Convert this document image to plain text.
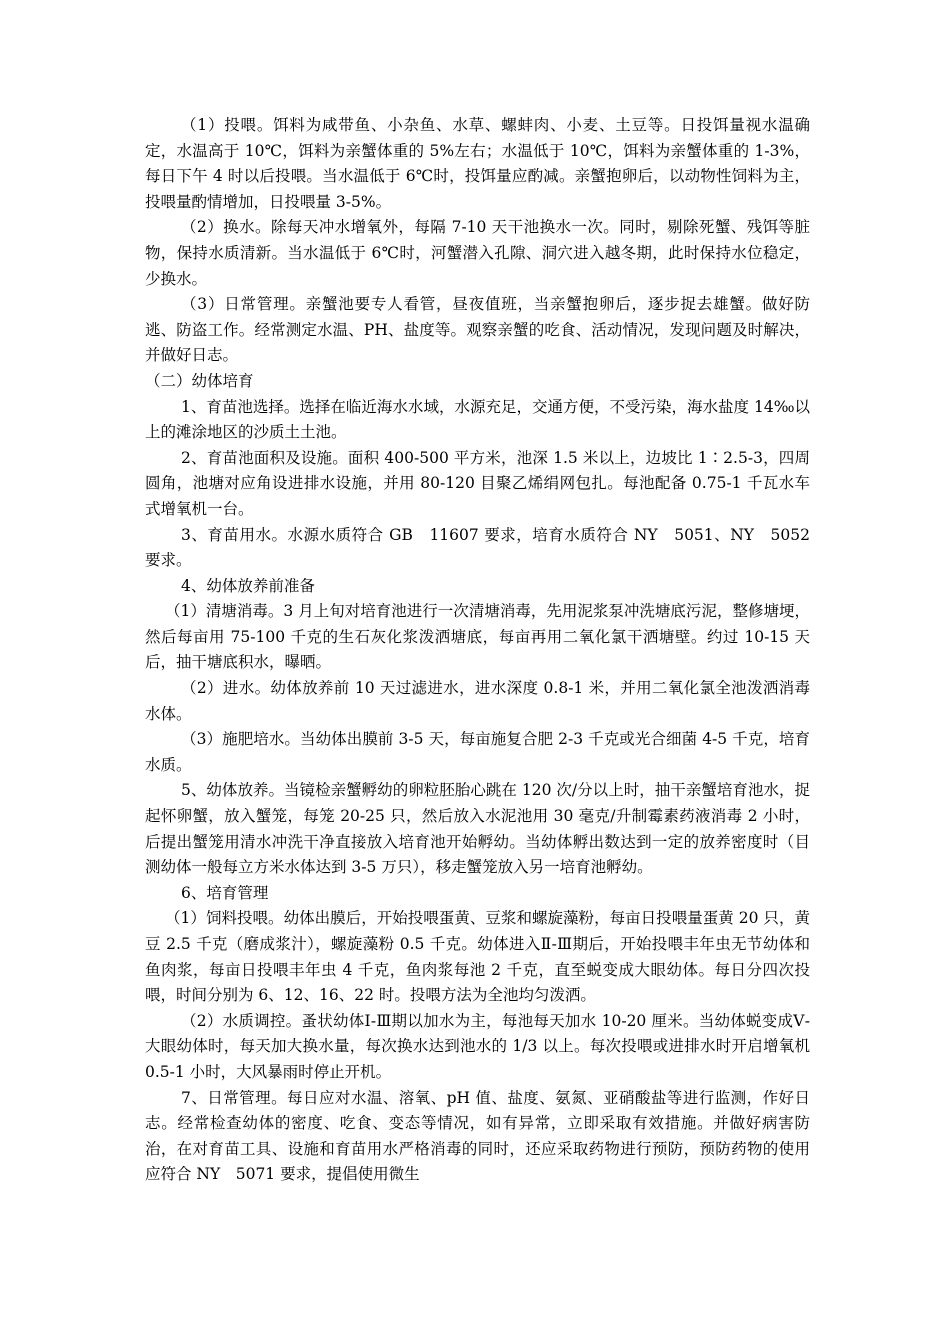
（1）投喂。饵料为咸带鱼、小杂鱼、水草、螺蚌肉、小麦、土豆等。日投饵量视水温确定，水温高于 10℃，饵料为亲蟹体重的 5%左右；水温低于 10℃，饵料为亲蟹体重的 1-3%，每日下午 4 时以后投喂。当水温低于 6℃时，投饵量应酌减。亲蟹抱卵后，以动物性饲料为主，投喂量酌情增加，日投喂量 3-5%。

（2）换水。除每天冲水增氧外，每隔 7-10 天干池换水一次。同时，剔除死蟹、残饵等脏物，保持水质清新。当水温低于 6℃时，河蟹潜入孔隙、洞穴进入越冬期，此时保持水位稳定，少换水。

（3）日常管理。亲蟹池要专人看管，昼夜值班，当亲蟹抱卵后，逐步捉去雄蟹。做好防逃、防盗工作。经常测定水温、PH、盐度等。观察亲蟹的吃食、活动情况，发现问题及时解决，并做好日志。

（二）幼体培育

1、育苗池选择。选择在临近海水水域，水源充足，交通方便，不受污染，海水盐度 14‰以上的滩涂地区的沙质土土池。

2、育苗池面积及设施。面积 400-500 平方米，池深 1.5 米以上，边坡比 1∶2.5-3，四周圆角，池塘对应角设进排水设施，并用 80-120 目聚乙烯绢网包扎。每池配备 0.75-1 千瓦水车式增氧机一台。

3、育苗用水。水源水质符合 GB　11607 要求，培育水质符合 NY　5051、NY　5052 要求。

4、幼体放养前准备

（1）清塘消毒。3 月上旬对培育池进行一次清塘消毒，先用泥浆泵冲洗塘底污泥，整修塘埂，然后每亩用 75-100 千克的生石灰化浆泼洒塘底，每亩再用二氧化氯干洒塘壁。约过 10-15 天后，抽干塘底积水，曝晒。

（2）进水。幼体放养前 10 天过滤进水，进水深度 0.8-1 米，并用二氧化氯全池泼洒消毒水体。

（3）施肥培水。当幼体出膜前 3-5 天，每亩施复合肥 2-3 千克或光合细菌 4-5 千克，培育水质。

5、幼体放养。当镜检亲蟹孵幼的卵粒胚胎心跳在 120 次/分以上时，抽干亲蟹培育池水，捉起怀卵蟹，放入蟹笼，每笼 20-25 只，然后放入水泥池用 30 毫克/升制霉素药液消毒 2 小时，后提出蟹笼用清水冲洗干净直接放入培育池开始孵幼。当幼体孵出数达到一定的放养密度时（目测幼体一般每立方米水体达到 3-5 万只），移走蟹笼放入另一培育池孵幼。

6、培育管理

（1）饲料投喂。幼体出膜后，开始投喂蛋黄、豆浆和螺旋藻粉，每亩日投喂量蛋黄 20 只，黄豆 2.5 千克（磨成浆汁），螺旋藻粉 0.5 千克。幼体进入Ⅱ-Ⅲ期后，开始投喂丰年虫无节幼体和鱼肉浆，每亩日投喂丰年虫 4 千克，鱼肉浆每池 2 千克，直至蜕变成大眼幼体。每日分四次投喂，时间分别为 6、12、16、22 时。投喂方法为全池均匀泼洒。

（2）水质调控。蚤状幼体Ⅰ-Ⅲ期以加水为主，每池每天加水 10-20 厘米。当幼体蜕变成Ⅴ-大眼幼体时，每天加大换水量，每次换水达到池水的 1/3 以上。每次投喂或进排水时开启增氧机 0.5-1 小时，大风暴雨时停止开机。

7、日常管理。每日应对水温、溶氧、pH 值、盐度、氨氮、亚硝酸盐等进行监测，作好日志。经常检查幼体的密度、吃食、变态等情况，如有异常，立即采取有效措施。并做好病害防治，在对育苗工具、设施和育苗用水严格消毒的同时，还应采取药物进行预防，预防药物的使用应符合 NY　5071 要求，提倡使用微生
